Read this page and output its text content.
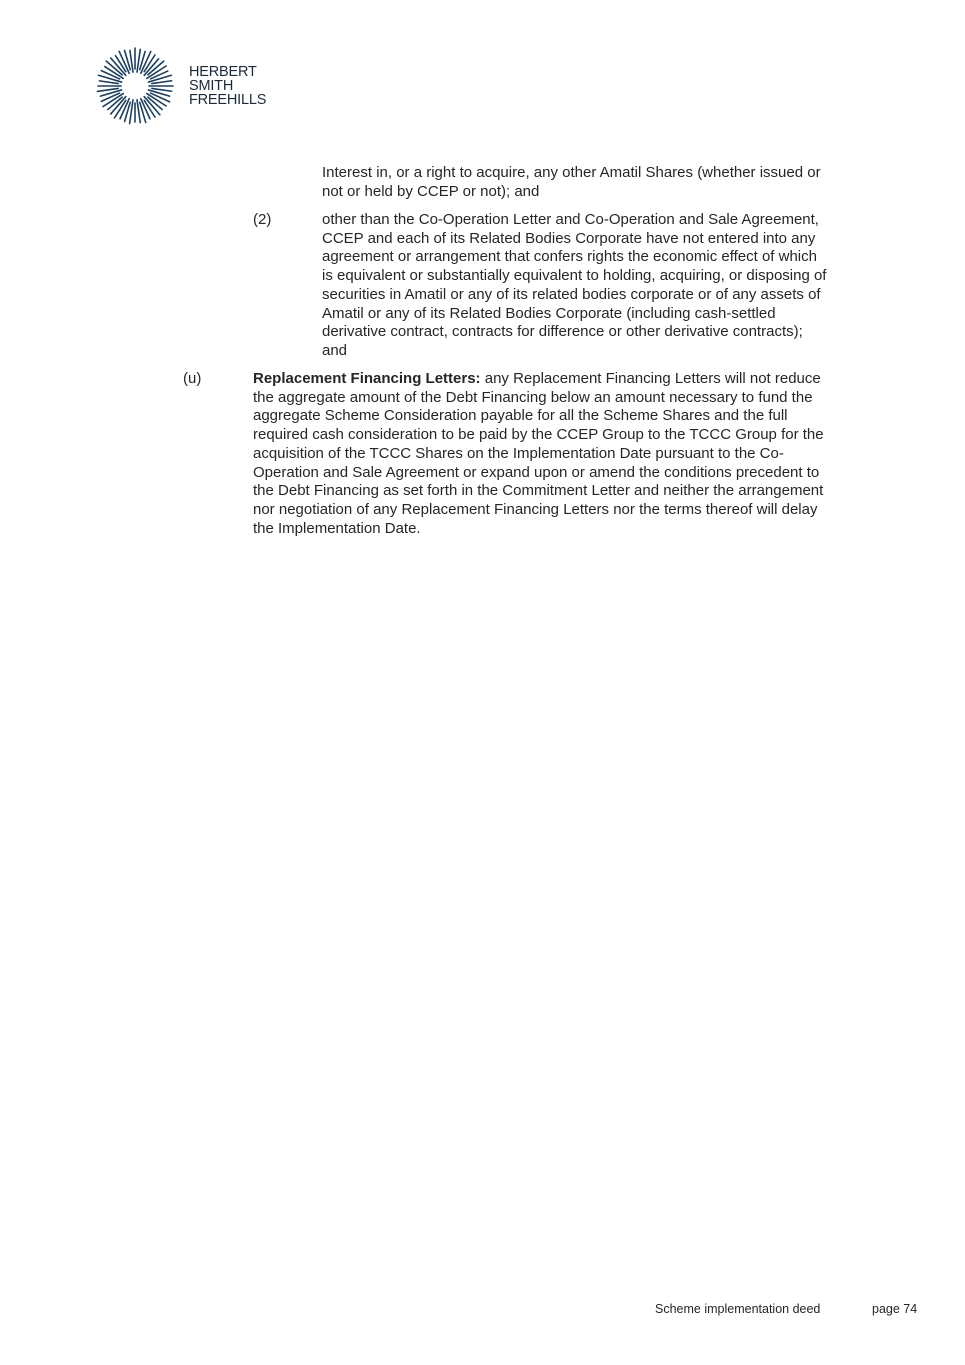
HERBERT
SMITH
FREEHILLS
Interest in, or a right to acquire, any other Amatil Shares (whether issued or not or held by CCEP or not); and
(2)	other than the Co-Operation Letter and Co-Operation and Sale Agreement, CCEP and each of its Related Bodies Corporate have not entered into any agreement or arrangement that confers rights the economic effect of which is equivalent or substantially equivalent to holding, acquiring, or disposing of securities in Amatil or any of its related bodies corporate or of any assets of Amatil or any of its Related Bodies Corporate (including cash-settled derivative contract, contracts for difference or other derivative contracts); and
(u)	Replacement Financing Letters: any Replacement Financing Letters will not reduce the aggregate amount of the Debt Financing below an amount necessary to fund the aggregate Scheme Consideration payable for all the Scheme Shares and the full required cash consideration to be paid by the CCEP Group to the TCCC Group for the acquisition of the TCCC Shares on the Implementation Date pursuant to the Co-Operation and Sale Agreement or expand upon or amend the conditions precedent to the Debt Financing as set forth in the Commitment Letter and neither the arrangement nor negotiation of any Replacement Financing Letters nor the terms thereof will delay the Implementation Date.
Scheme implementation deed	page 74
